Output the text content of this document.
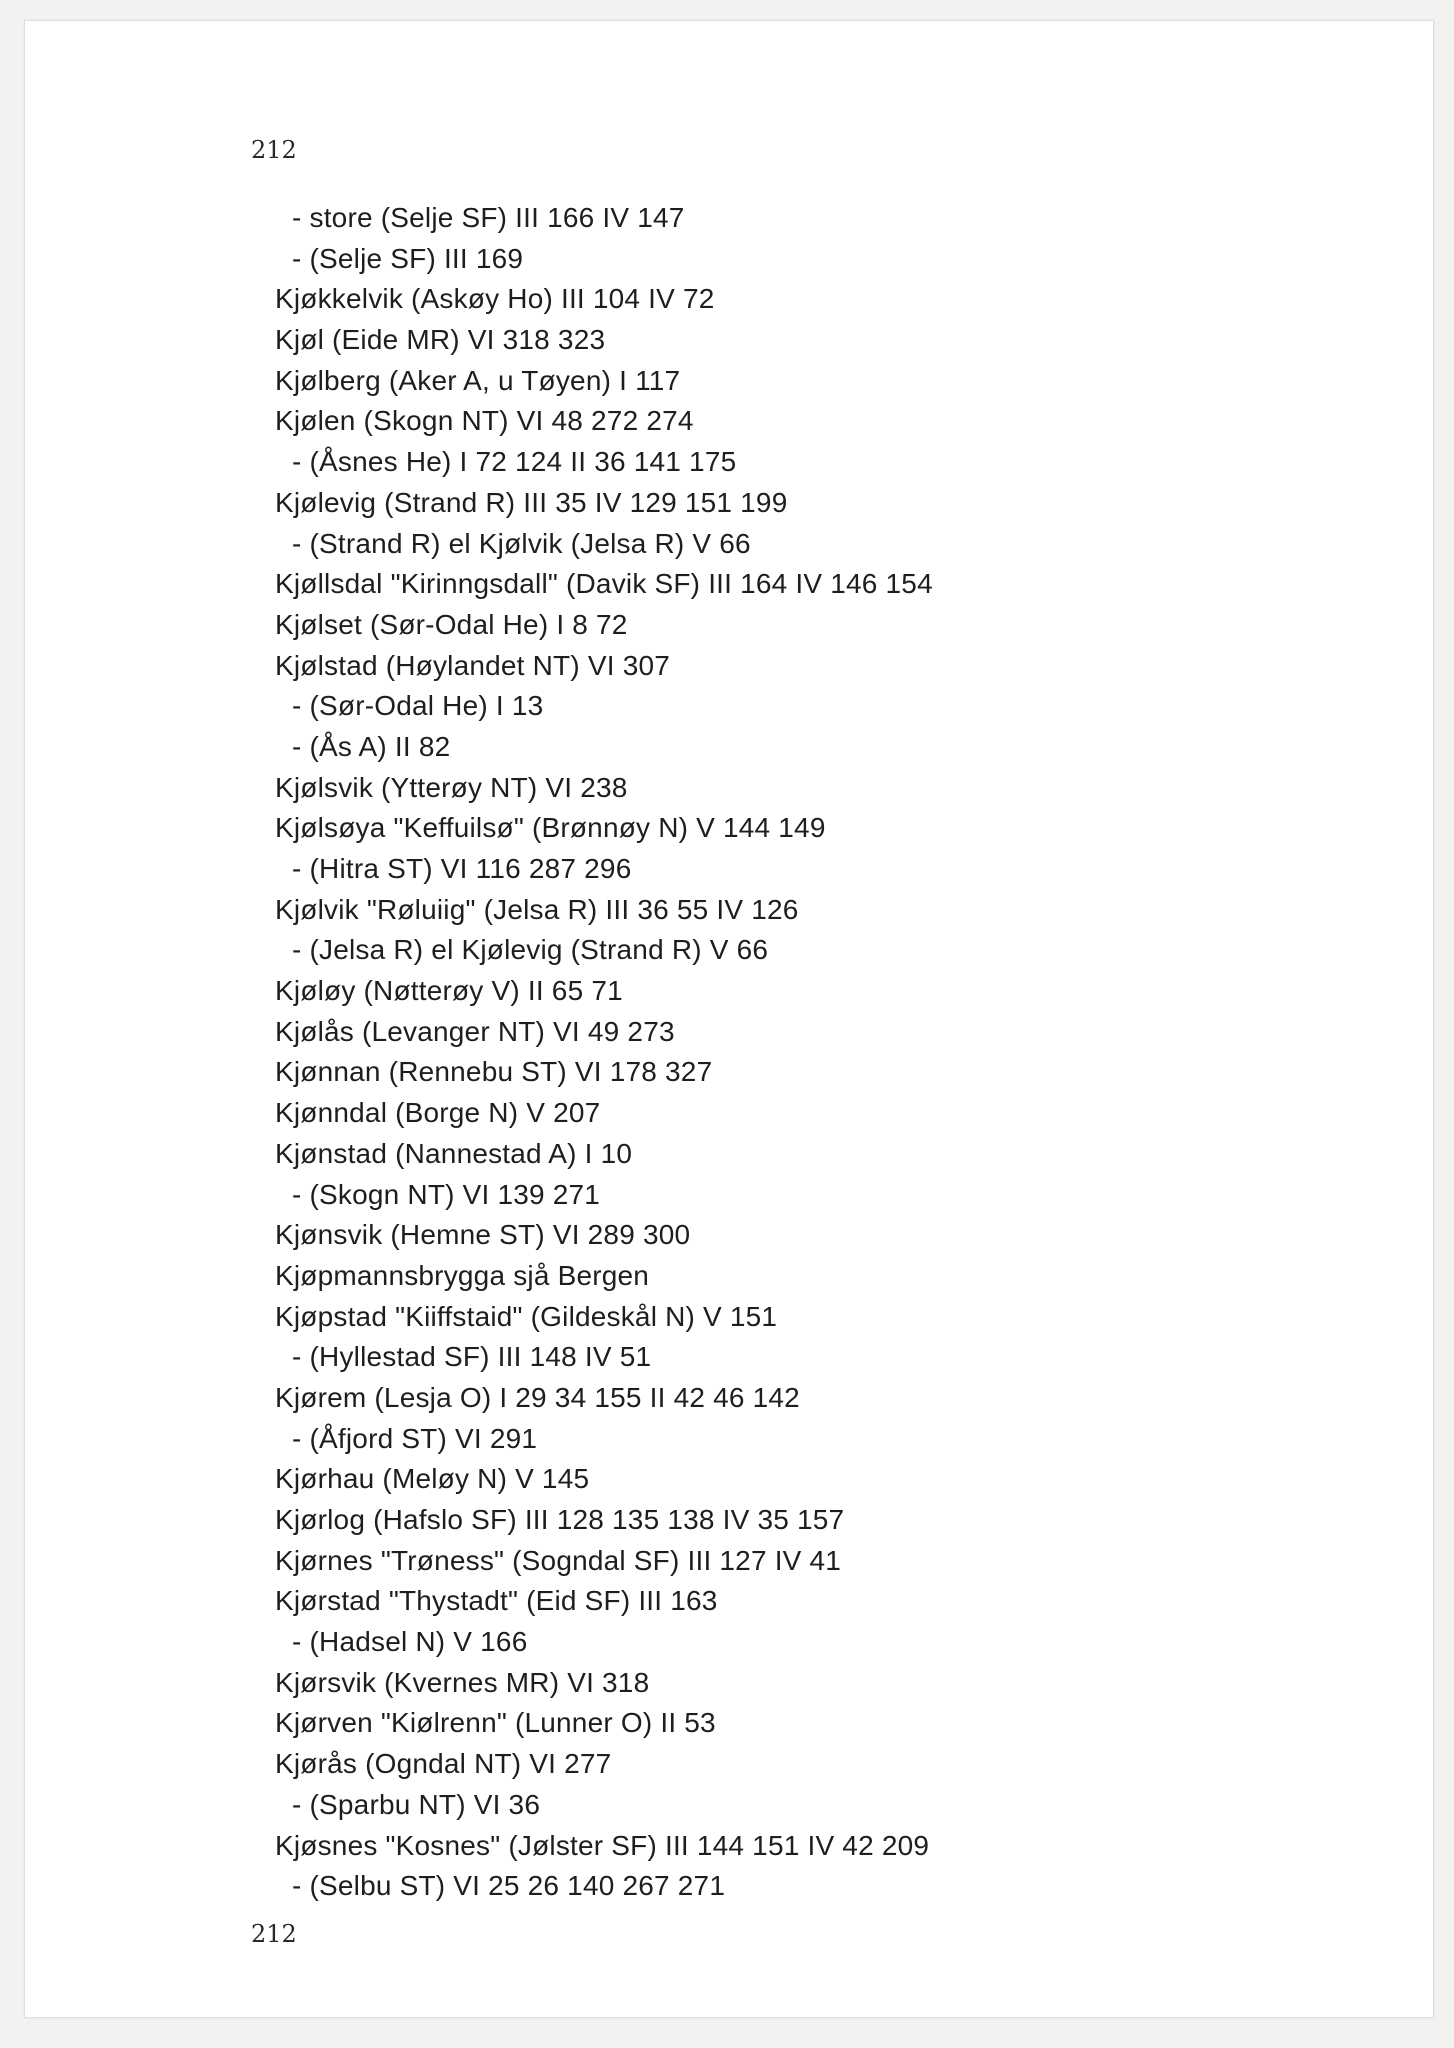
212
- store (Selje SF) III 166 IV 147
- (Selje SF) III 169
Kjøkkelvik (Askøy Ho) III 104 IV 72
Kjøl (Eide MR) VI 318 323
Kjølberg (Aker A, u Tøyen) I 117
Kjølen (Skogn NT) VI 48 272 274
- (Åsnes He) I 72 124 II 36 141 175
Kjølevig (Strand R) III 35 IV 129 151 199
- (Strand R) el Kjølvik (Jelsa R) V 66
Kjøllsdal "Kirinngsdall" (Davik SF) III 164 IV 146 154
Kjølset (Sør-Odal He) I 8 72
Kjølstad (Høylandet NT) VI 307
- (Sør-Odal He) I 13
- (Ås A) II 82
Kjølsvik (Ytterøy NT) VI 238
Kjølsøya "Keffuilsø" (Brønnøy N) V 144 149
- (Hitra ST) VI 116 287 296
Kjølvik "Røluiig" (Jelsa R) III 36 55 IV 126
- (Jelsa R) el Kjølevig (Strand R) V 66
Kjøløy (Nøtterøy V) II 65 71
Kjølås (Levanger NT) VI 49 273
Kjønnan (Rennebu ST) VI 178 327
Kjønndal (Borge N) V 207
Kjønstad (Nannestad A) I 10
- (Skogn NT) VI 139 271
Kjønsvik (Hemne ST) VI 289 300
Kjøpmannsbrygga sjå Bergen
Kjøpstad "Kiiffstaid" (Gildeskål N) V 151
- (Hyllestad SF) III 148 IV 51
Kjørem (Lesja O) I 29 34 155 II 42 46 142
- (Åfjord ST) VI 291
Kjørhau (Meløy N) V 145
Kjørlog (Hafslo SF) III 128 135 138 IV 35 157
Kjørnes "Trøness" (Sogndal SF) III 127 IV 41
Kjørstad "Thystadt" (Eid SF) III 163
- (Hadsel N) V 166
Kjørsvik (Kvernes MR) VI 318
Kjørven "Kiølrenn" (Lunner O) II 53
Kjørås (Ogndal NT) VI 277
- (Sparbu NT) VI 36
Kjøsnes "Kosnes" (Jølster SF) III 144 151 IV 42 209
- (Selbu ST) VI 25 26 140 267 271
212
